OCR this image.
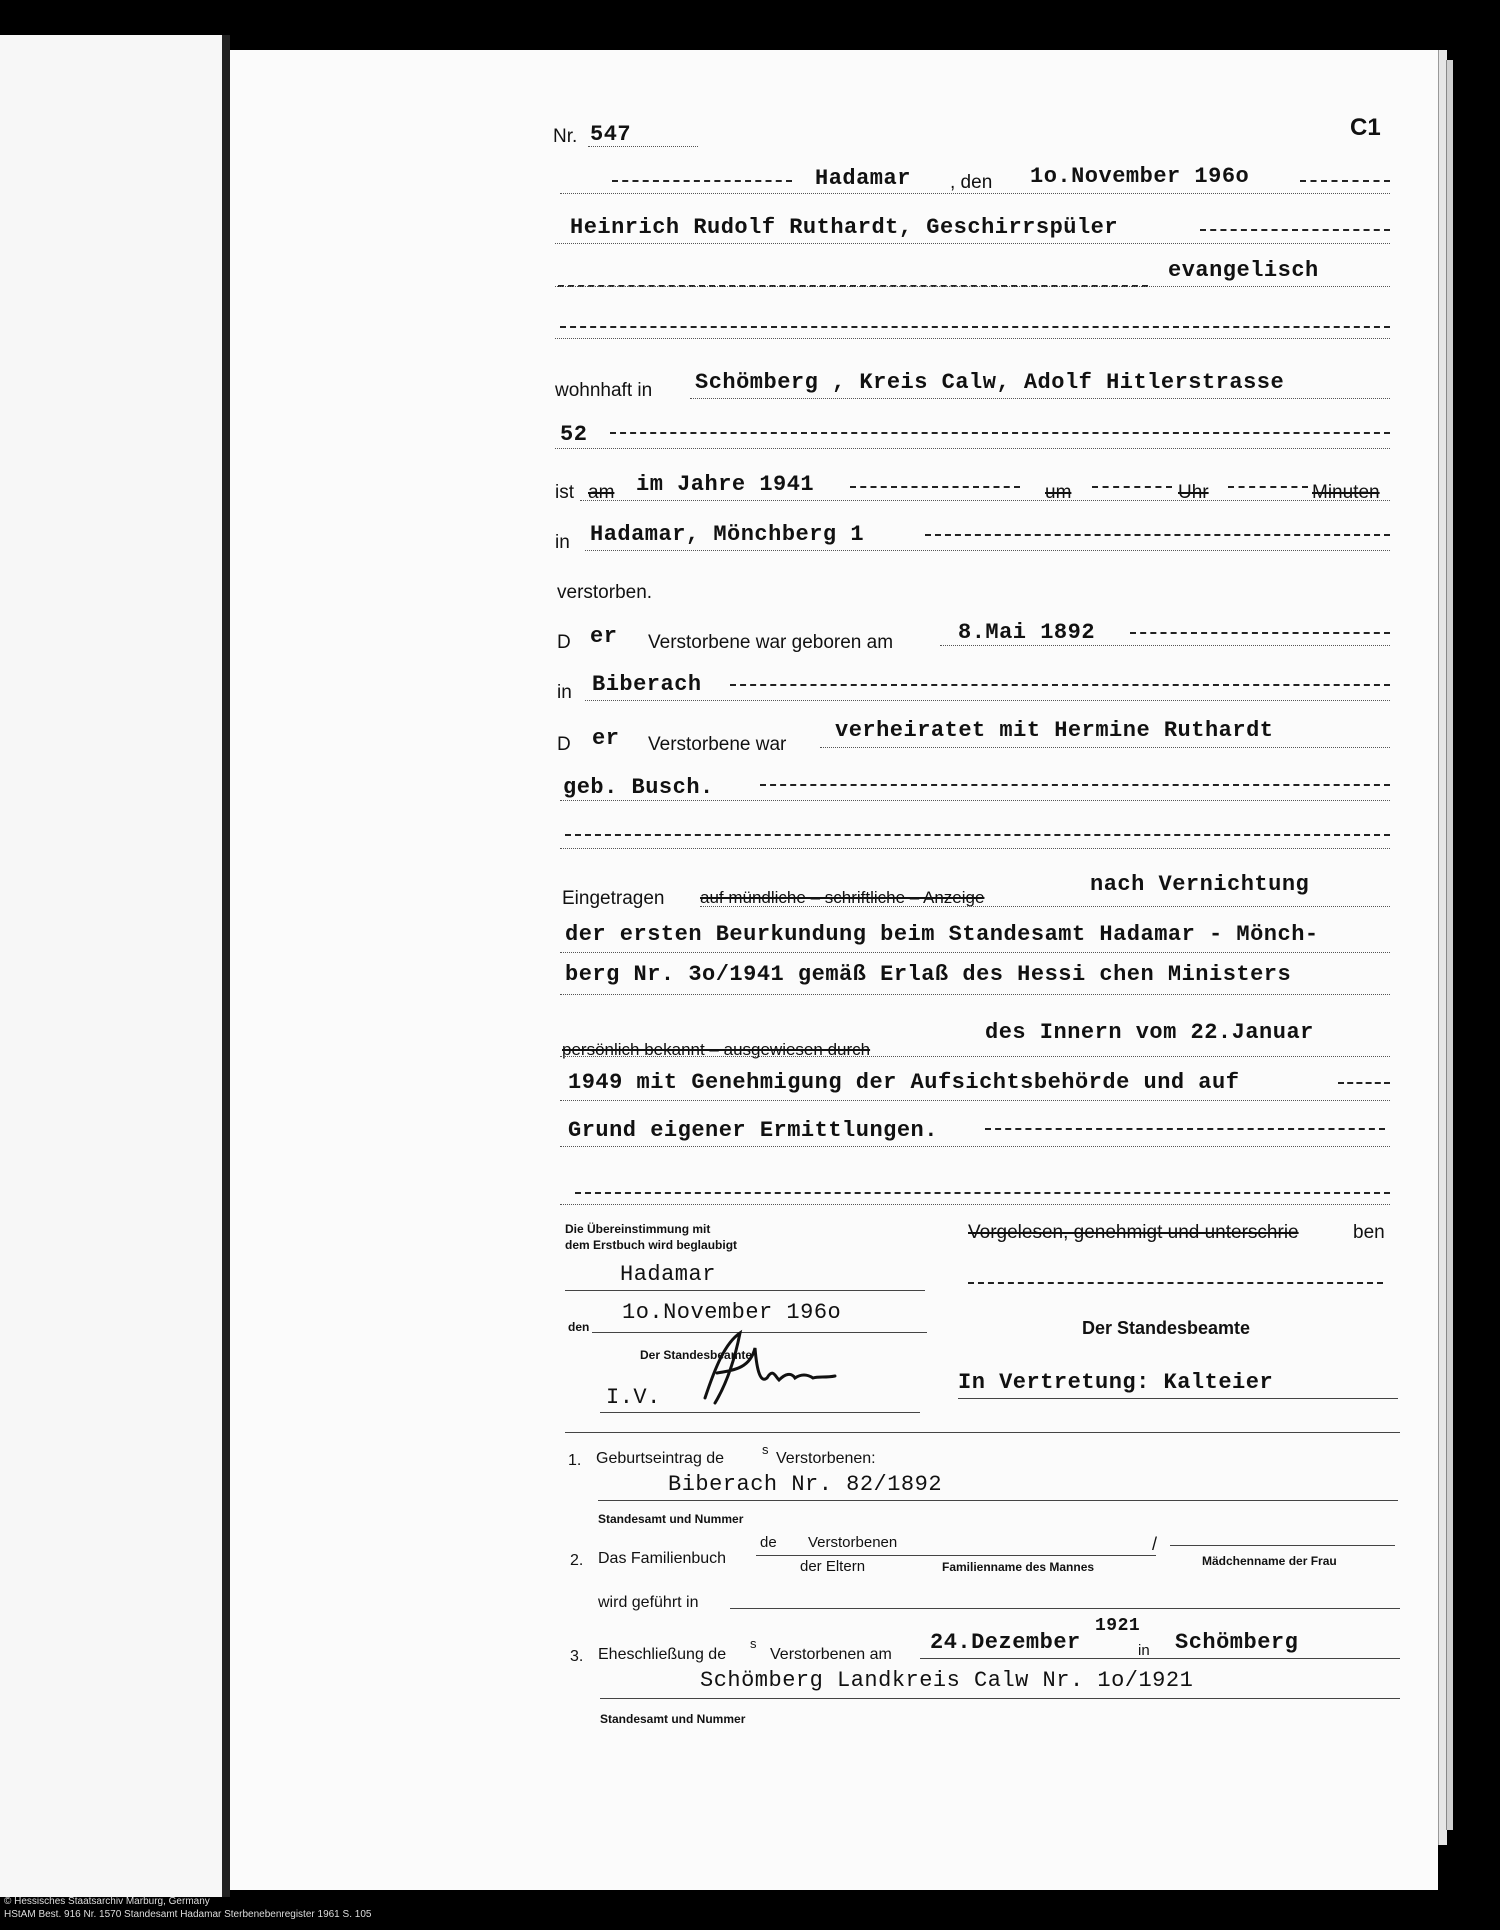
Nr. 547	C1
Hadamar , den 1o.November 196o
Heinrich Rudolf Ruthardt, Geschirrspüler
evangelisch
wohnhaft in Schömberg , Kreis Calw, Adolf Hitlerstrasse
52
ist am im Jahre 1941	um	Uhr	Minuten
in Hadamar, Mönchberg 1
verstorben.
D er Verstorbene war geboren am	8.Mai 1892
in Biberach
D er Verstorbene war
verheiratet mit Hermine Ruthardt
geb. Busch.
Eingetragen auf mündliche – schriftliche – Anzeige
nach Vernichtung
der ersten Beurkundung beim Standesamt Hadamar - Mönch-
berg Nr. 3o/1941 gemäß Erlaß des Hessi chen Ministers
persönlich bekannt – ausgewiesen durch
des Innern vom 22.Januar
1949 mit Genehmigung der Aufsichtsbehörde und auf
Grund eigener Ermittlungen.
Die Übereinstimmung mit
dem Erstbuch wird beglaubigt
Hadamar
den
1o.November 196o
Der Standesbeamte
I.V.
Vorgelesen, genehmigt und unterschrie	ben
Der Standesbeamte
In Vertretung: Kalteier
1. Geburtseintrag de
s
Verstorbenen:
Biberach Nr. 82/1892
Standesamt und Nummer
2. Das Familienbuch
de Verstorbenen
der Eltern	Familienname des Mannes
/
Mädchenname der Frau
wird geführt in
3. Eheschließung de
s
Verstorbenen am 24.Dezember
1921
in Schömberg
Schömberg Landkreis Calw Nr. 1o/1921
Standesamt und Nummer
© Hessisches Staatsarchiv Marburg, Germany
HStAM Best. 916 Nr. 1570 Standesamt Hadamar Sterbenebenregister 1961 S. 105
